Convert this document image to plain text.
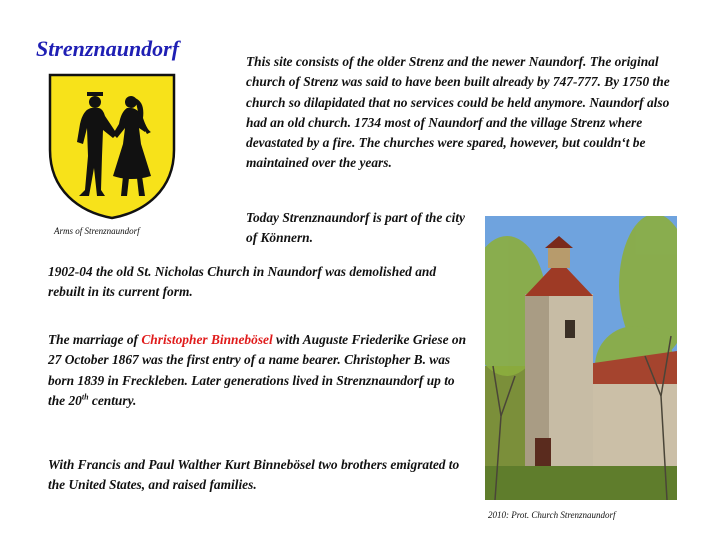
Strenznaundorf
Arms of Strenznaundorf
This site consists of the older Strenz and the newer Naundorf. The original church of Strenz was said to have been built already by 747-777. By 1750 the church so dilapidated that no services could be held anymore. Naundorf also had an old church. 1734 most of Naundorf and the village Strenz where devastated by a fire. The churches were spared, however, but couldn‘t be maintained over the years.
Today Strenznaundorf is part of the city of Könnern.
1902-04 the old St. Nicholas Church in Naundorf was demolished and rebuilt in its current form.
The marriage of Christopher Binnebösel with Auguste Friederike Griese on 27 October 1867 was the first entry of a name bearer. Christopher B. was born 1839 in Freckleben. Later generations lived in Strenznaundorf up to the 20th century.
With Francis and Paul Walther Kurt Binnebösel two brothers emigrated to the United States, and raised families.
2010: Prot. Church Strenznaundorf
